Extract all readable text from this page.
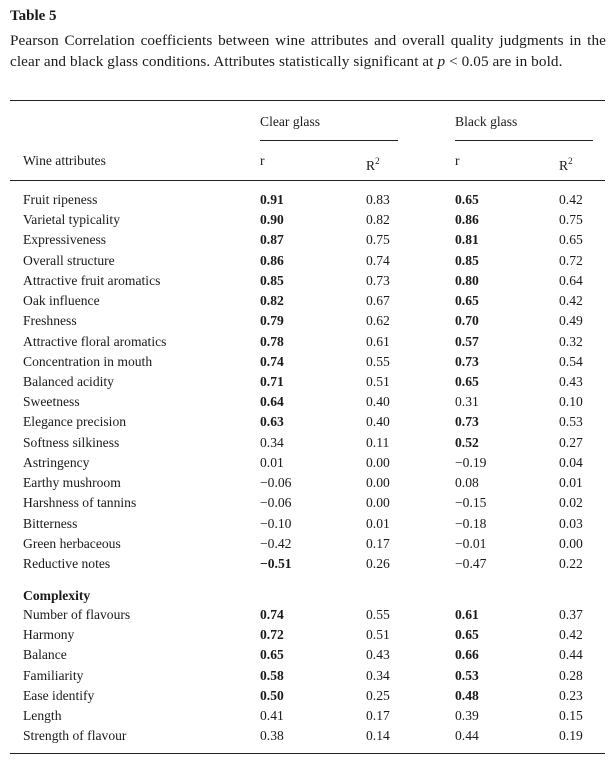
Table 5
Pearson Correlation coefficients between wine attributes and overall quality judgments in the clear and black glass conditions. Attributes statistically significant at p < 0.05 are in bold.
Clear glass	Black glass
Wine attributes	r	$R^2$	r	$R^2$
Fruit ripeness	0.91	0.83	0.65	0.42
Varietal typicality	0.90	0.82	0.86	0.75
Expressiveness	0.87	0.75	0.81	0.65
Overall structure	0.86	0.74	0.85	0.72
Attractive fruit aromatics	0.85	0.73	0.80	0.64
Oak influence	0.82	0.67	0.65	0.42
Freshness	0.79	0.62	0.70	0.49
Attractive floral aromatics	0.78	0.61	0.57	0.32
Concentration in mouth	0.74	0.55	0.73	0.54
Balanced acidity	0.71	0.51	0.65	0.43
Sweetness	0.64	0.40	0.31	0.10
Elegance precision	0.63	0.40	0.73	0.53
Softness silkiness	0.34	0.11	0.52	0.27
Astringency	0.01	0.00	−0.19	0.04
Earthy mushroom	−0.06	0.00	0.08	0.01
Harshness of tannins	−0.06	0.00	−0.15	0.02
Bitterness	−0.10	0.01	−0.18	0.03
Green herbaceous	−0.42	0.17	−0.01	0.00
Reductive notes	−0.51	0.26	−0.47	0.22
Complexity
Number of flavours	0.74	0.55	0.61	0.37
Harmony	0.72	0.51	0.65	0.42
Balance	0.65	0.43	0.66	0.44
Familiarity	0.58	0.34	0.53	0.28
Ease identify	0.50	0.25	0.48	0.23
Length	0.41	0.17	0.39	0.15
Strength of flavour	0.38	0.14	0.44	0.19
